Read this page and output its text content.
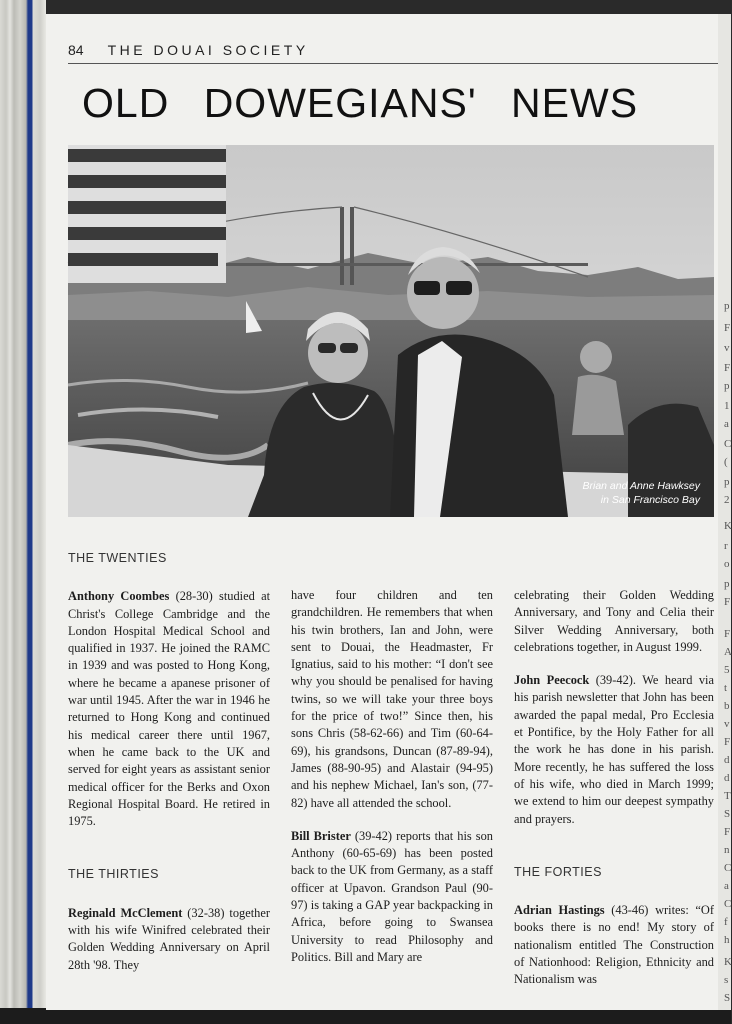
84 THE DOUAI SOCIETY
OLD DOWEGIANS' NEWS
Brian and Anne Hawksey
in San Francisco Bay
THE TWENTIES

Anthony Coombes (28-30) studied at Christ's College Cambridge and the London Hospital Medical School and qualified in 1937. He joined the RAMC in 1939 and was posted to Hong Kong, where he became a apanese prisoner of war until 1945. After the war in 1946 he returned to Hong Kong and continued his medical career there until 1967, when he came back to the UK and served for eight years as assistant senior medical officer for the Berks and Oxon Regional Hospital Board. He retired in 1975.

THE THIRTIES

Reginald McClement (32-38) together with his wife Winifred celebrated their Golden Wedding Anniversary on April 28th '98. They

have four children and ten grandchildren. He remembers that when his twin brothers, Ian and John, were sent to Douai, the Headmaster, Fr Ignatius, said to his mother: “I don't see why you should be penalised for having twins, so we will take your three boys for the price of two!” Since then, his sons Chris (58-62-66) and Tim (60-64-69), his grandsons, Duncan (87-89-94), James (88-90-95) and Alastair (94-95) and his nephew Michael, Ian's son, (77-82) have all attended the school.

Bill Brister (39-42) reports that his son Anthony (60-65-69) has been posted back to the UK from Germany, as a staff officer at Upavon. Grandson Paul (90-97) is taking a GAP year backpacking in Africa, before going to Swansea University to read Philosophy and Politics. Bill and Mary are

celebrating their Golden Wedding Anniversary, and Tony and Celia their Silver Wedding Anniversary, both celebrations together, in August 1999.

John Peecock (39-42). We heard via his parish newsletter that John has been awarded the papal medal, Pro Ecclesia et Pontifice, by the Holy Father for all the work he has done in his parish. More recently, he has suffered the loss of his wife, who died in March 1999; we extend to him our deepest sympathy and prayers.

THE FORTIES

Adrian Hastings (43-46) writes: “Of books there is no end! My story of nationalism entitled The Construction of Nationhood: Religion, Ethnicity and Nationalism was

p
F
v
F
p
1
a
C
(
p
2
K
r
o
p
F
F
A
5
t
b
v
F
d
d
T
S
F
n
C
a
C
f
h
K
s
S
